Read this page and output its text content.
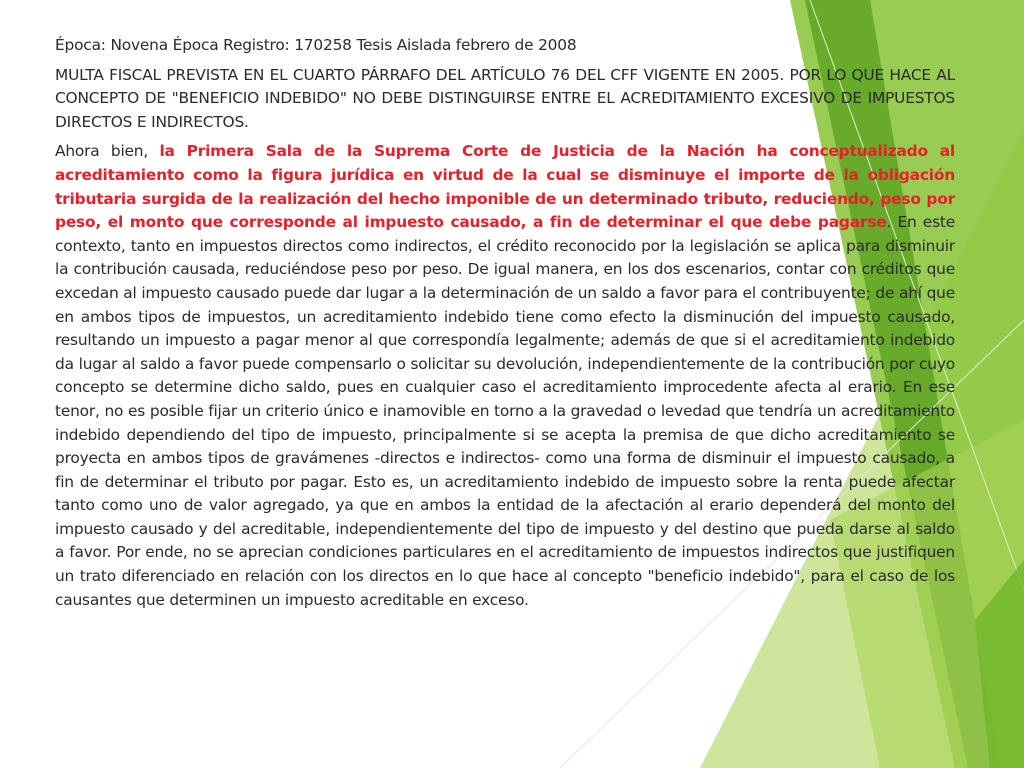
Época: Novena Época Registro: 170258 Tesis Aislada febrero de 2008

MULTA FISCAL PREVISTA EN EL CUARTO PÁRRAFO DEL ARTÍCULO 76 DEL CFF VIGENTE EN 2005. POR LO QUE HACE AL CONCEPTO DE "BENEFICIO INDEBIDO" NO DEBE DISTINGUIRSE ENTRE EL ACREDITAMIENTO EXCESIVO DE IMPUESTOS DIRECTOS E INDIRECTOS.

Ahora bien, la Primera Sala de la Suprema Corte de Justicia de la Nación ha conceptualizado al acreditamiento como la figura jurídica en virtud de la cual se disminuye el importe de la obligación tributaria surgida de la realización del hecho imponible de un determinado tributo, reduciendo, peso por peso, el monto que corresponde al impuesto causado, a fin de determinar el que debe pagarse. En este contexto, tanto en impuestos directos como indirectos, el crédito reconocido por la legislación se aplica para disminuir la contribución causada, reduciéndose peso por peso. De igual manera, en los dos escenarios, contar con créditos que excedan al impuesto causado puede dar lugar a la determinación de un saldo a favor para el contribuyente; de ahí que en ambos tipos de impuestos, un acreditamiento indebido tiene como efecto la disminución del impuesto causado, resultando un impuesto a pagar menor al que correspondía legalmente; además de que si el acreditamiento indebido da lugar al saldo a favor puede compensarlo o solicitar su devolución, independientemente de la contribución por cuyo concepto se determine dicho saldo, pues en cualquier caso el acreditamiento improcedente afecta al erario. En ese tenor, no es posible fijar un criterio único e inamovible en torno a la gravedad o levedad que tendría un acreditamiento indebido dependiendo del tipo de impuesto, principalmente si se acepta la premisa de que dicho acreditamiento se proyecta en ambos tipos de gravámenes -directos e indirectos- como una forma de disminuir el impuesto causado, a fin de determinar el tributo por pagar. Esto es, un acreditamiento indebido de impuesto sobre la renta puede afectar tanto como uno de valor agregado, ya que en ambos la entidad de la afectación al erario dependerá del monto del impuesto causado y del acreditable, independientemente del tipo de impuesto y del destino que pueda darse al saldo a favor. Por ende, no se aprecian condiciones particulares en el acreditamiento de impuestos indirectos que justifiquen un trato diferenciado en relación con los directos en lo que hace al concepto "beneficio indebido", para el caso de los causantes que determinen un impuesto acreditable en exceso.
